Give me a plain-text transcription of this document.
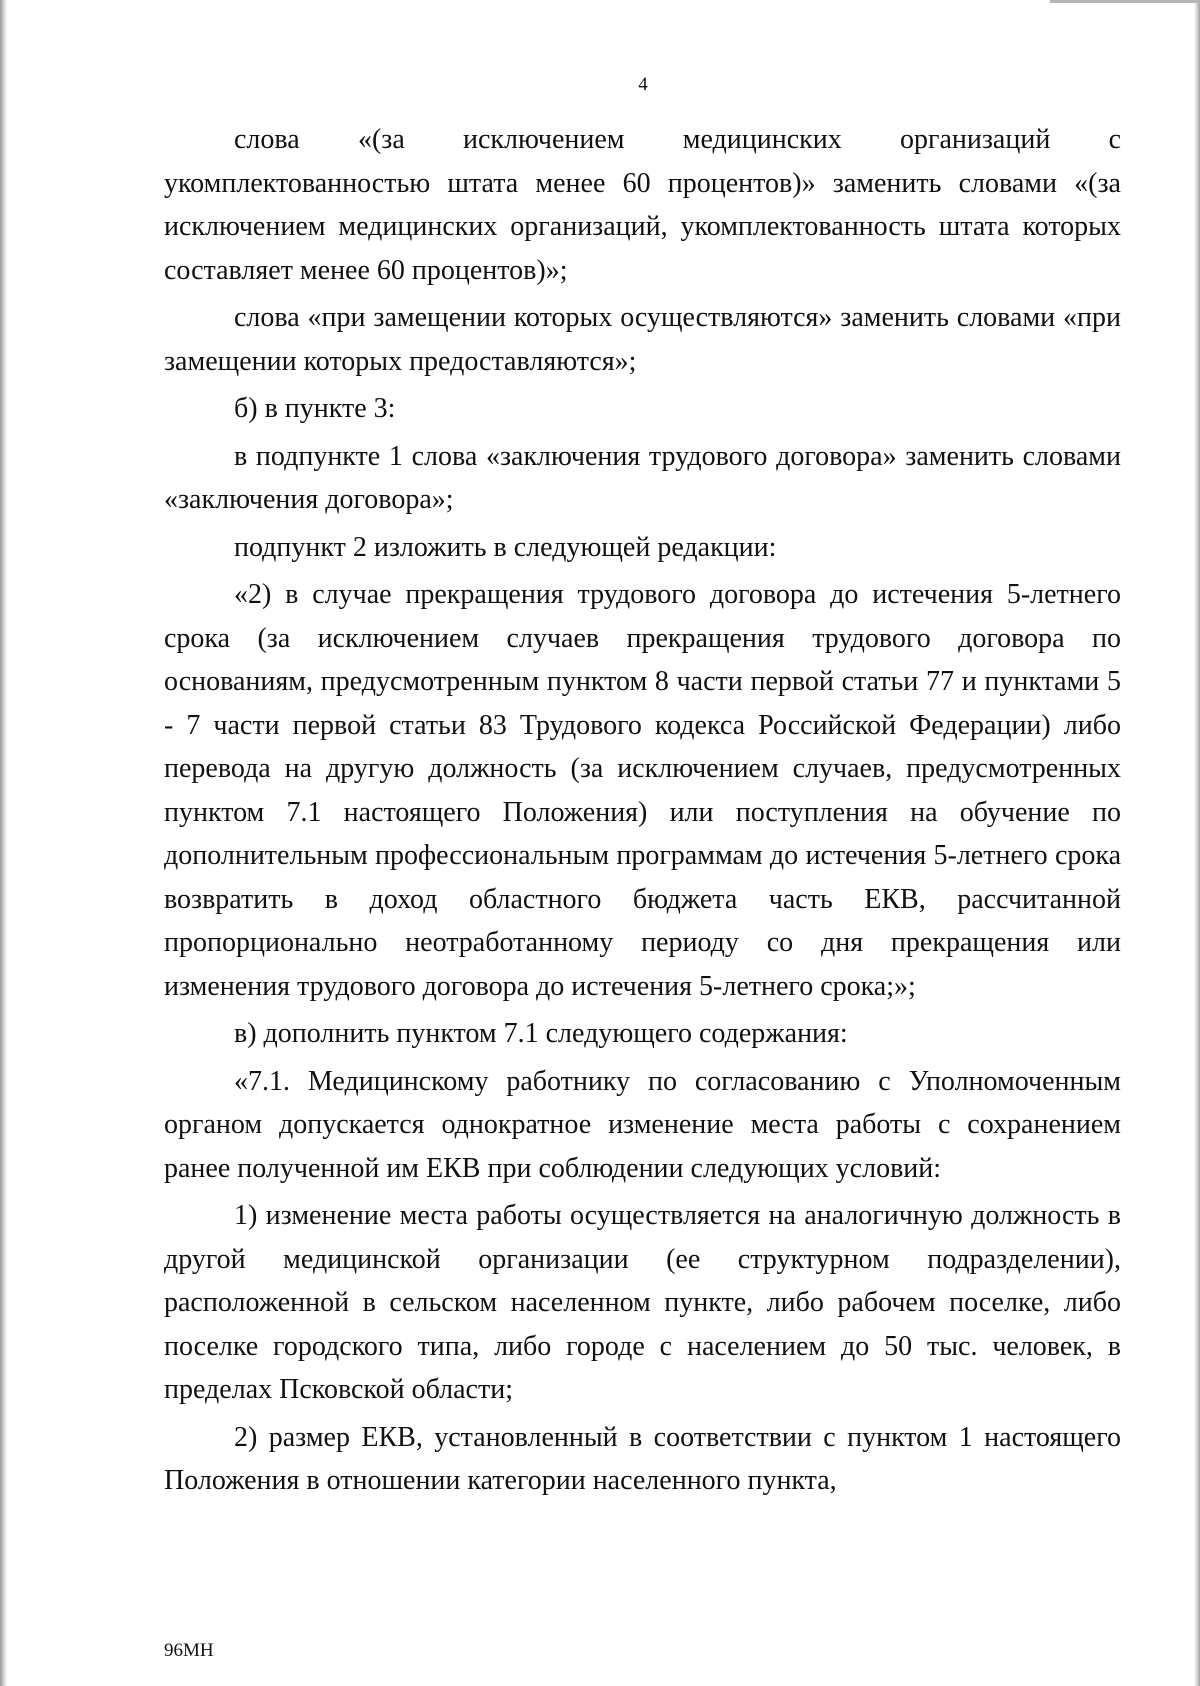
4

слова «(за исключением медицинских организаций с укомплектованностью штата менее 60 процентов)» заменить словами «(за исключением медицинских организаций, укомплектованность штата которых составляет менее 60 процентов)»;

слова «при замещении которых осуществляются» заменить словами «при замещении которых предоставляются»;

б) в пункте 3:

в подпункте 1 слова «заключения трудового договора» заменить словами «заключения договора»;

подпункт 2 изложить в следующей редакции:

«2) в случае прекращения трудового договора до истечения 5-летнего срока (за исключением случаев прекращения трудового договора по основаниям, предусмотренным пунктом 8 части первой статьи 77 и пунктами 5 - 7 части первой статьи 83 Трудового кодекса Российской Федерации) либо перевода на другую должность (за исключением случаев, предусмотренных пунктом 7.1 настоящего Положения) или поступления на обучение по дополнительным профессиональным программам до истечения 5-летнего срока возвратить в доход областного бюджета часть ЕКВ, рассчитанной пропорционально неотработанному периоду со дня прекращения или изменения трудового договора до истечения 5-летнего срока;»;

в) дополнить пунктом 7.1 следующего содержания:

«7.1. Медицинскому работнику по согласованию с Уполномоченным органом допускается однократное изменение места работы с сохранением ранее полученной им ЕКВ при соблюдении следующих условий:

1) изменение места работы осуществляется на аналогичную должность в другой медицинской организации (ее структурном подразделении), расположенной в сельском населенном пункте, либо рабочем поселке, либо поселке городского типа, либо городе с населением до 50 тыс. человек, в пределах Псковской области;

2) размер ЕКВ, установленный в соответствии с пунктом 1 настоящего Положения в отношении категории населенного пункта,

96МН
